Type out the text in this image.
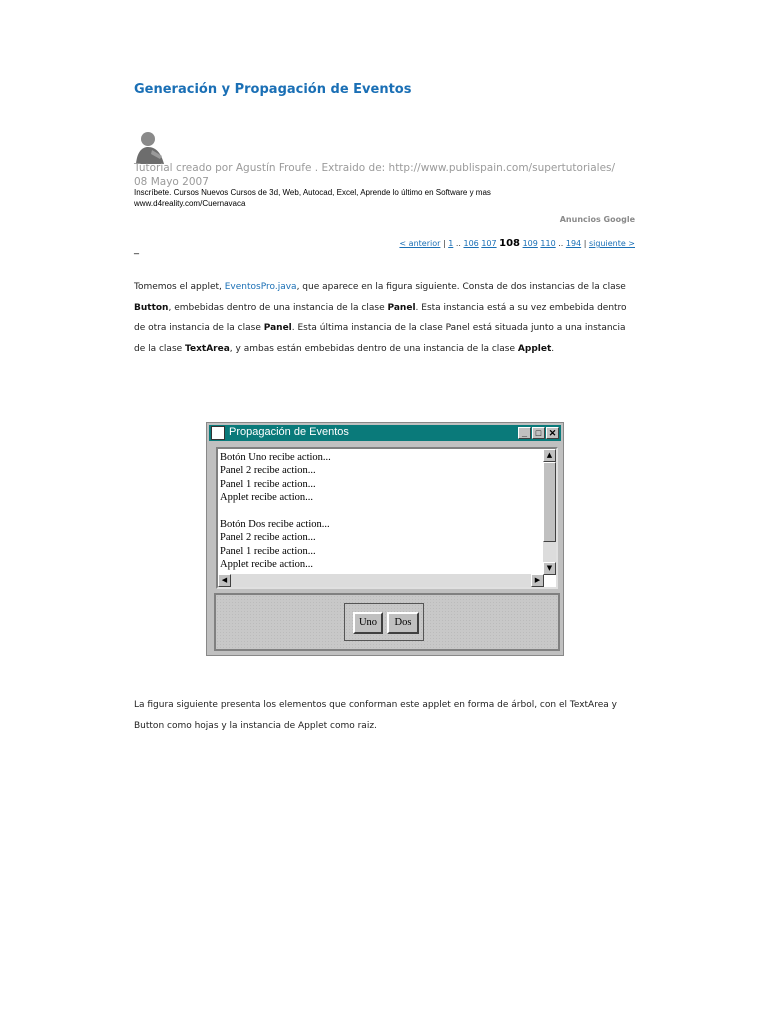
Generación y Propagación de Eventos
Tutorial creado por Agustín Froufe . Extraido de: http://www.publispain.com/supertutoriales/
08 Mayo 2007
Inscríbete. Cursos Nuevos Cursos de 3d, Web, Autocad, Excel, Aprende lo último en Software y mas
www.d4reality.com/Cuernavaca
Anuncios Google
< anterior | 1 .. 106 107 108 109 110 .. 194 | siguiente >
_
Tomemos el applet, EventosPro.java, que aparece en la figura siguiente. Consta de dos instancias de la clase Button, embebidas dentro de una instancia de la clase Panel. Esta instancia está a su vez embebida dentro de otra instancia de la clase Panel. Esta última instancia de la clase Panel está situada junto a una instancia de la clase TextArea, y ambas están embebidas dentro de una instancia de la clase Applet.
Propagación de Eventos	_ □ ✕
Botón Uno recibe action...
Panel 2 recibe action...
Panel 1 recibe action...
Applet recibe action...

Botón Dos recibe action...
Panel 2 recibe action...
Panel 1 recibe action...
Applet recibe action...
▲
▼
◀	▶
Uno	Dos
La figura siguiente presenta los elementos que conforman este applet en forma de árbol, con el TextArea y Button como hojas y la instancia de Applet como raiz.
